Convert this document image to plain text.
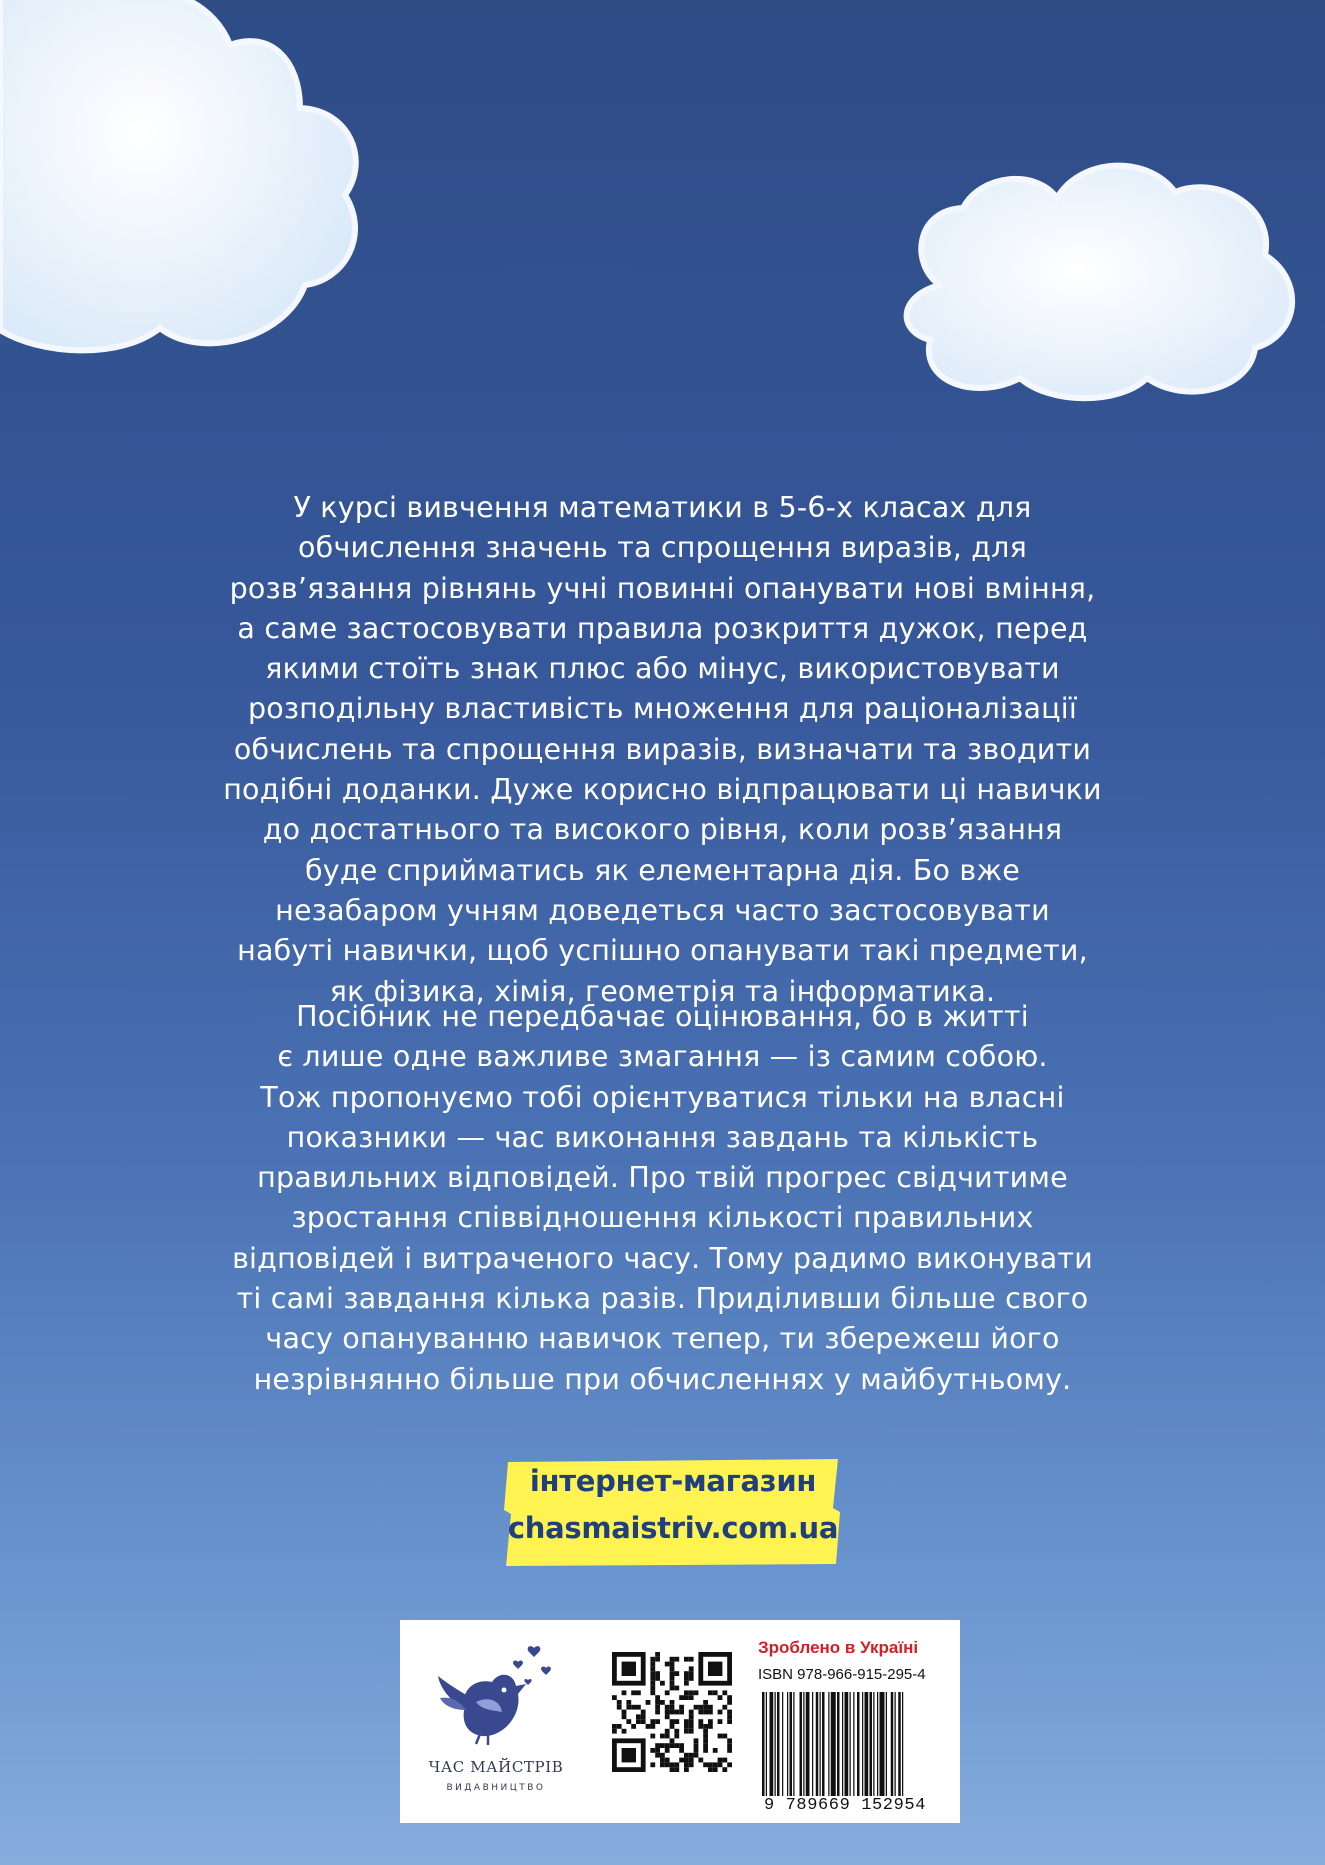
У курсі вивчення математики в 5-6-х класах для
обчислення значень та спрощення виразів, для
розв’язання рівнянь учні повинні опанувати нові вміння,
а саме застосовувати правила розкриття дужок, перед
якими стоїть знак плюс або мінус, використовувати
розподільну властивість множення для раціоналізації
обчислень та спрощення виразів, визначати та зводити
подібні доданки. Дуже корисно відпрацювати ці навички
до достатнього та високого рівня, коли розв’язання
буде сприйматись як елементарна дія. Бо вже
незабаром учням доведеться часто застосовувати
набуті навички, щоб успішно опанувати такі предмети,
як фізика, хімія, геометрія та інформатика.
Посібник не передбачає оцінювання, бо в житті
є лише одне важливе змагання — із самим собою.
Тож пропонуємо тобі орієнтуватися тільки на власні
показники — час виконання завдань та кількість
правильних відповідей. Про твій прогрес свідчитиме
зростання співвідношення кількості правильних
відповідей і витраченого часу. Тому радимо виконувати
ті самі завдання кілька разів. Приділивши більше свого
часу опануванню навичок тепер, ти збережеш його
незрівнянно більше при обчисленнях у майбутньому.
інтернет-магазин
chasmaistriv.com.ua
ЧАС МАЙСТРІВ
ВИДАВНИЦТВО
Зроблено в Україні
ISBN 978-966-915-295-4
9 789669 152954
